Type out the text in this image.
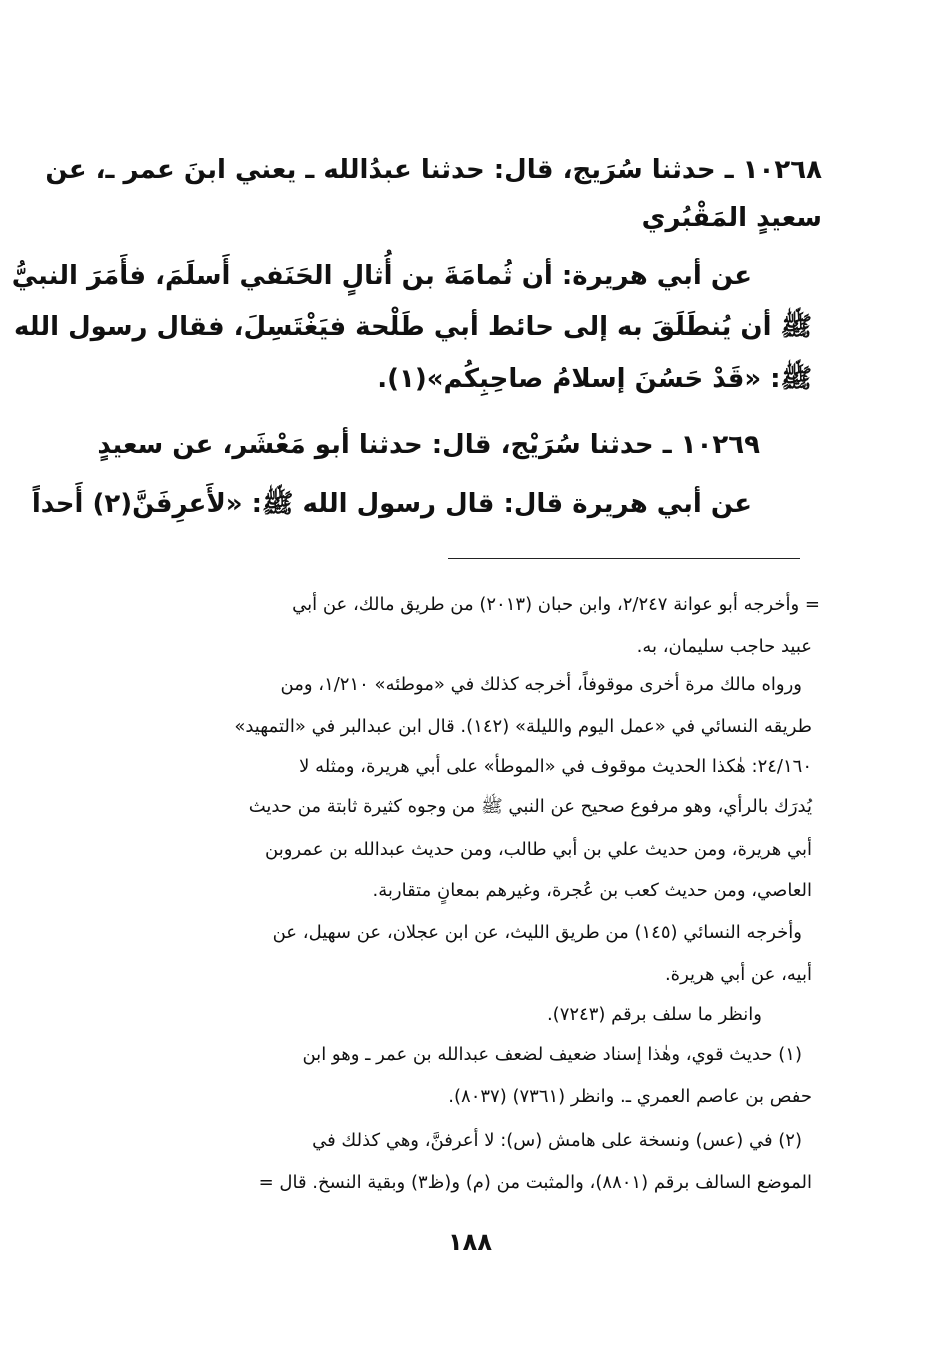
١٠٢٦٨ ـ حدثنا سُرَيج، قال: حدثنا عبدُالله ـ يعني ابنَ عمر ـ، عن
سعيدٍ المَقْبُري
عن أبي هريرة: أن ثُمامَةَ بن أُثالٍ الحَنَفي أَسلَمَ، فأَمَرَ النبيُّ
ﷺ أن يُنطَلَقَ به إلى حائط أبي طَلْحة فيَغْتَسِلَ، فقال رسول الله
ﷺ: «قَدْ حَسُنَ إسلامُ صاحِبِكُم»(١).
١٠٢٦٩ ـ حدثنا سُرَيْج، قال: حدثنا أبو مَعْشَر، عن سعيدٍ
عن أبي هريرة قال: قال رسول الله ﷺ: «لأَعرِفَنَّ(٢) أَحداً
= وأخرجه أبو عوانة ٢/٢٤٧، وابن حبان (٢٠١٣) من طريق مالك، عن أبي
عبيد حاجب سليمان، به.
ورواه مالك مرة أخرى موقوفاً، أخرجه كذلك في «موطئه» ١/٢١٠، ومن
طريقه النسائي في «عمل اليوم والليلة» (١٤٢). قال ابن عبدالبر في «التمهيد»
٢٤/١٦٠: هٰكذا الحديث موقوف في «الموطأ» على أبي هريرة، ومثله لا
يُدرَك بالرأي، وهو مرفوع صحيح عن النبي ﷺ من وجوه كثيرة ثابتة من حديث
أبي هريرة، ومن حديث علي بن أبي طالب، ومن حديث عبدالله بن عمروبن
العاصي، ومن حديث كعب بن عُجرة، وغيرهم بمعانٍ متقاربة.
وأخرجه النسائي (١٤٥) من طريق الليث، عن ابن عجلان، عن سهيل، عن
أبيه، عن أبي هريرة.
وانظر ما سلف برقم (٧٢٤٣).
(١) حديث قوي، وهٰذا إسناد ضعيف لضعف عبدالله بن عمر ـ وهو ابن
حفص بن عاصم العمري ـ. وانظر (٧٣٦١) (٨٠٣٧).
(٢) في (عس) ونسخة على هامش (س): لا أعرفنَّ، وهي كذلك في
الموضع السالف برقم (٨٨٠١)، والمثبت من (م) و(ظ٣) وبقية النسخ. قال =
١٨٨
